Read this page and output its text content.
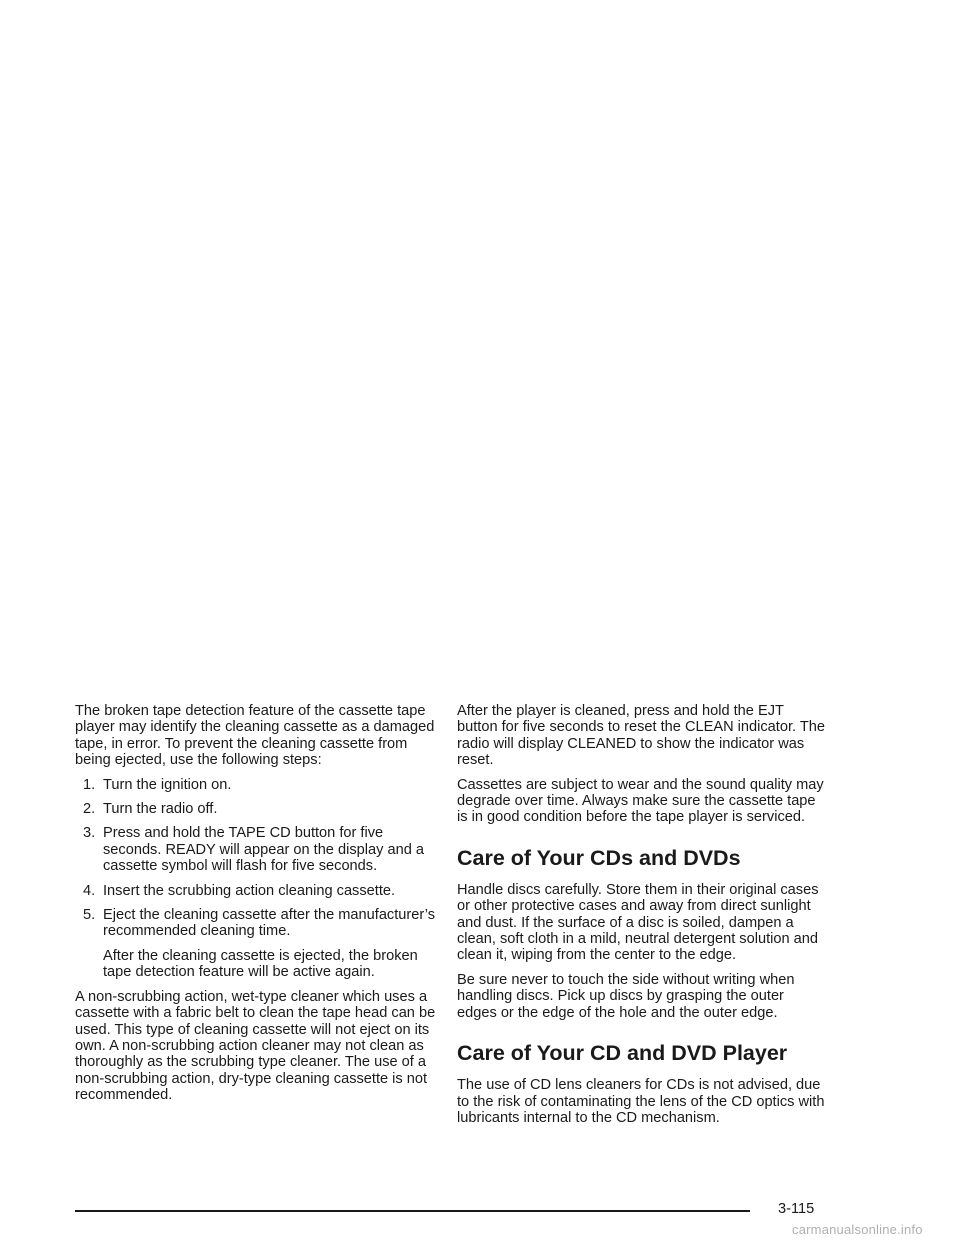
The broken tape detection feature of the cassette tape player may identify the cleaning cassette as a damaged tape, in error. To prevent the cleaning cassette from being ejected, use the following steps:

1. Turn the ignition on.
2. Turn the radio off.
3. Press and hold the TAPE CD button for five seconds. READY will appear on the display and a cassette symbol will flash for five seconds.
4. Insert the scrubbing action cleaning cassette.
5. Eject the cleaning cassette after the manufacturer’s recommended cleaning time.

After the cleaning cassette is ejected, the broken tape detection feature will be active again.

A non-scrubbing action, wet-type cleaner which uses a cassette with a fabric belt to clean the tape head can be used. This type of cleaning cassette will not eject on its own. A non-scrubbing action cleaner may not clean as thoroughly as the scrubbing type cleaner. The use of a non-scrubbing action, dry-type cleaning cassette is not recommended.

After the player is cleaned, press and hold the EJT button for five seconds to reset the CLEAN indicator. The radio will display CLEANED to show the indicator was reset.

Cassettes are subject to wear and the sound quality may degrade over time. Always make sure the cassette tape is in good condition before the tape player is serviced.

Care of Your CDs and DVDs

Handle discs carefully. Store them in their original cases or other protective cases and away from direct sunlight and dust. If the surface of a disc is soiled, dampen a clean, soft cloth in a mild, neutral detergent solution and clean it, wiping from the center to the edge.

Be sure never to touch the side without writing when handling discs. Pick up discs by grasping the outer edges or the edge of the hole and the outer edge.

Care of Your CD and DVD Player

The use of CD lens cleaners for CDs is not advised, due to the risk of contaminating the lens of the CD optics with lubricants internal to the CD mechanism.

3-115
carmanualsonline.info
